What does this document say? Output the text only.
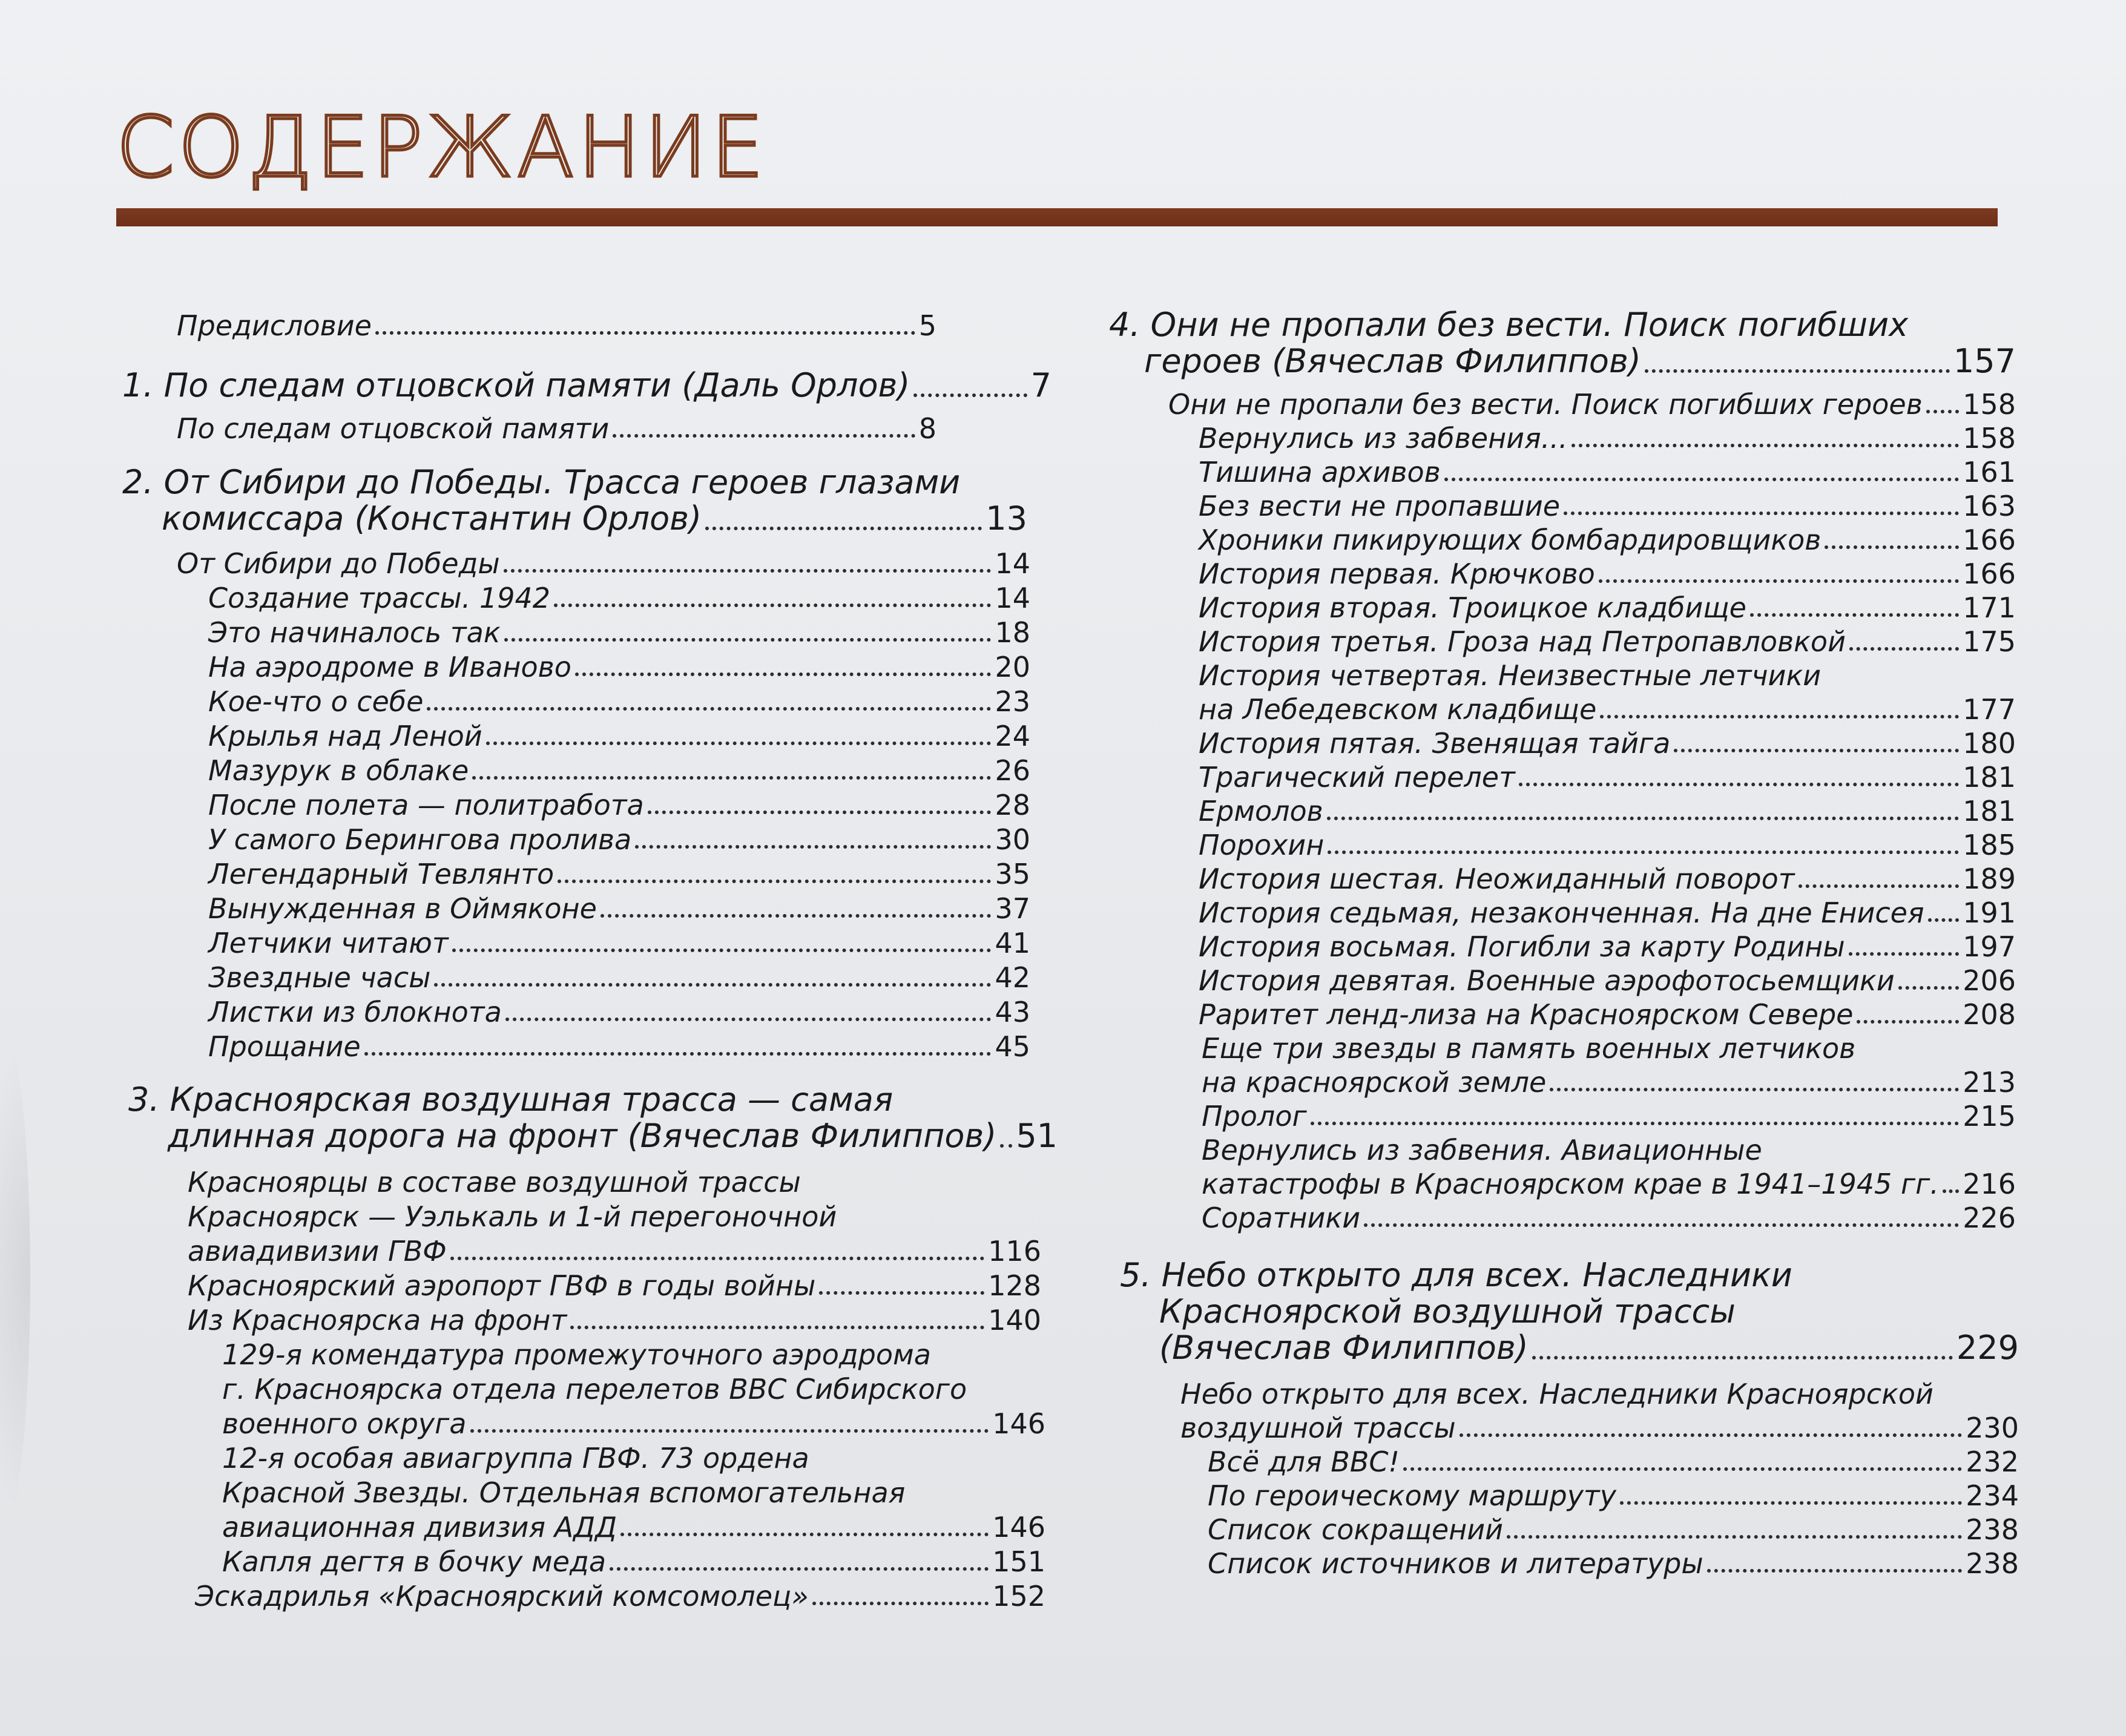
СОДЕРЖАНИЕ
Предисловие	5
1. По следам отцовской памяти (Даль Орлов)	7
По следам отцовской памяти	8
2. От Сибири до Победы. Трасса героев глазами
комиссара (Константин Орлов)	13
От Сибири до Победы	14
Создание трассы. 1942	14
Это начиналось так	18
На аэродроме в Иваново	20
Кое-что о себе	23
Крылья над Леной	24
Мазурук в облаке	26
После полета — политработа	28
У самого Берингова пролива	30
Легендарный Тевлянто	35
Вынужденная в Оймяконе	37
Летчики читают	41
Звездные часы	42
Листки из блокнота	43
Прощание	45
3. Красноярская воздушная трасса — самая
длинная дорога на фронт (Вячеслав Филиппов) 51
Красноярцы в составе воздушной трассы
Красноярск — Уэлькаль и 1-й перегоночной
авиадивизии ГВФ	116
Красноярский аэропорт ГВФ в годы войны	128
Из Красноярска на фронт	140
129-я комендатура промежуточного аэродрома
г. Красноярска отдела перелетов ВВС Сибирского
военного округа	146
12-я особая авиагруппа ГВФ. 73 ордена
Красной Звезды. Отдельная вспомогательная
авиационная дивизия АДД	146
Капля дегтя в бочку меда	151
Эскадрилья «Красноярский комсомолец»	152
4. Они не пропали без вести. Поиск погибших
героев (Вячеслав Филиппов)	157
Они не пропали без вести. Поиск погибших героев 158
Вернулись из забвения...	158
Тишина архивов	161
Без вести не пропавшие	163
Хроники пикирующих бомбардировщиков	166
История первая. Крючково	166
История вторая. Троицкое кладбище	171
История третья. Гроза над Петропавловкой	175
История четвертая. Неизвестные летчики
на Лебедевском кладбище	177
История пятая. Звенящая тайга	180
Трагический перелет	181
Ермолов	181
Порохин	185
История шестая. Неожиданный поворот	189
История седьмая, незаконченная. На дне Енисея 191
История восьмая. Погибли за карту Родины	197
История девятая. Военные аэрофотосьемщики 206
Раритет ленд-лиза на Красноярском Севере	208
Еще три звезды в память военных летчиков
на красноярской земле	213
Пролог	215
Вернулись из забвения. Авиационные
катастрофы в Красноярском крае в 1941–1945 гг. 216
Соратники	226
5. Небо открыто для всех. Наследники
Красноярской воздушной трассы
(Вячеслав Филиппов)	229
Небо открыто для всех. Наследники Красноярской
воздушной трассы	230
Всё для ВВС!	232
По героическому маршруту	234
Список сокращений	238
Список источников и литературы	238
